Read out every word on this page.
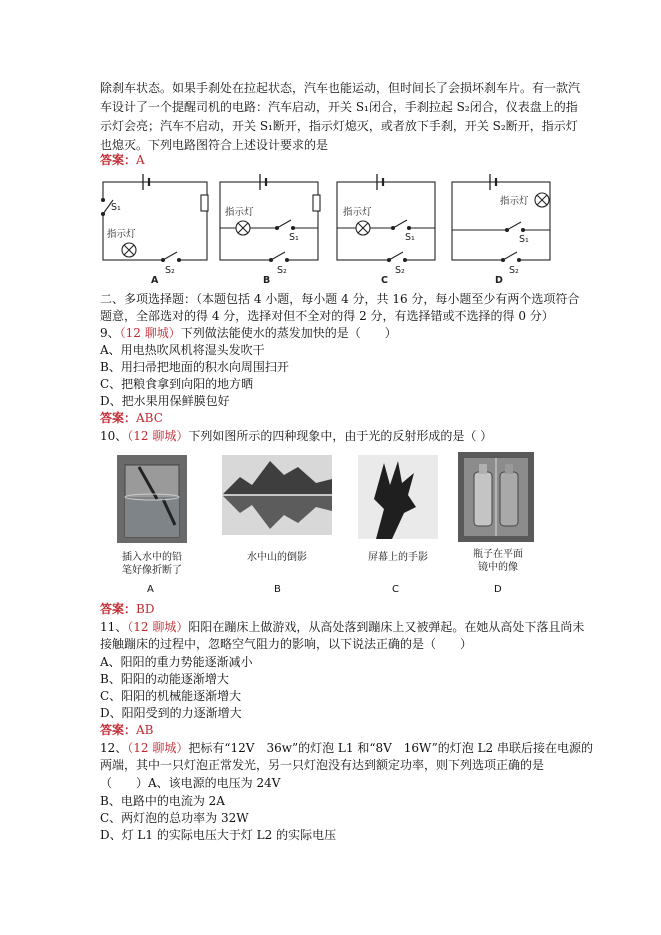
除刹车状态。如果手刹处在拉起状态，汽车也能运动，但时间长了会损坏刹车片。有一款汽
车设计了一个提醒司机的电路：汽车启动，开关 S₁闭合，手刹拉起 S₂闭合，仪表盘上的指
示灯会亮；汽车不启动，开关 S₁断开，指示灯熄灭，或者放下手刹，开关 S₂断开，指示灯
也熄灭。下列电路图符合上述设计要求的是
答案：A
S₁
指示灯
S₂
A
指示灯
S₁
S₂
B
指示灯
S₁
S₂
C
指示灯
S₁
S₂
D
二、多项选择题：（本题包括 4 小题，每小题 4 分，共 16 分，每小题至少有两个选项符合
题意，全部选对的得 4 分，选择对但不全对的得 2 分，有选择错或不选择的得 0 分）
9、（12 聊城）下列做法能使水的蒸发加快的是（　　）
A、用电热吹风机将湿头发吹干
B、用扫帚把地面的积水向周围扫开
C、把粮食拿到向阳的地方晒
D、把水果用保鲜膜包好
答案：ABC
10、（12 聊城）下列如图所示的四种现象中，由于光的反射形成的是（ ）
插入水中的铅
笔好像折断了
A
水中山的倒影
B
屏幕上的手影
C
瓶子在平面
镜中的像
D
答案：BD
11、（12 聊城）阳阳在蹦床上做游戏，从高处落到蹦床上又被弹起。在她从高处下落且尚未
接触蹦床的过程中，忽略空气阻力的影响，以下说法正确的是（　　）
A、阳阳的重力势能逐渐减小
B、阳阳的动能逐渐增大
C、阳阳的机械能逐渐增大
D、阳阳受到的力逐渐增大
答案：AB
12、（12 聊城）把标有“12V　36w”的灯泡 L1 和“8V　16W”的灯泡 L2 串联后接在电源的
两端，其中一只灯泡正常发光，另一只灯泡没有达到额定功率，则下列选项正确的是
（　　）A、该电源的电压为 24V
B、电路中的电流为 2A
C、两灯泡的总功率为 32W
D、灯 L1 的实际电压大于灯 L2 的实际电压
